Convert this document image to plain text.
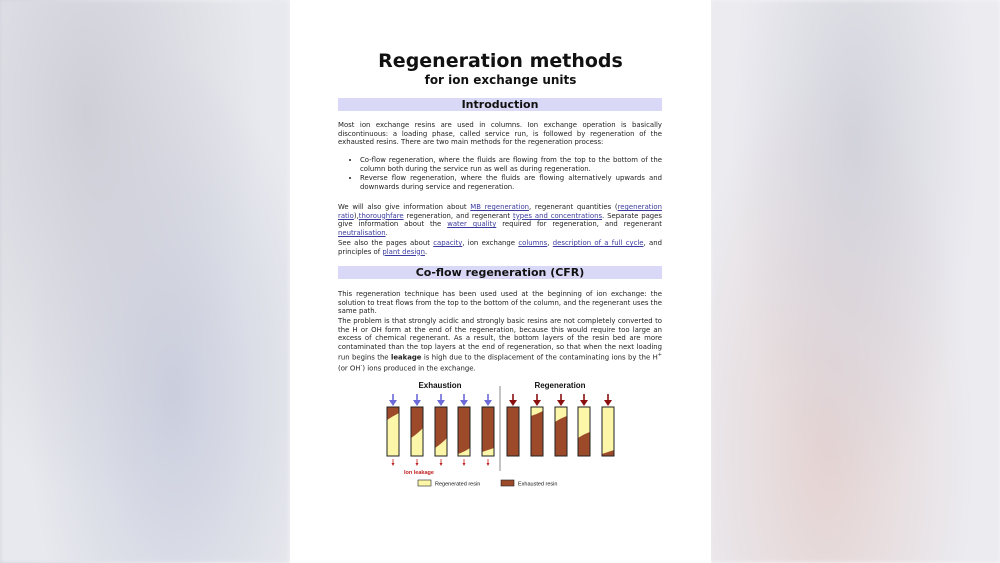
Regeneration methods
for ion exchange units
Introduction
Most ion exchange resins are used in columns. Ion exchange operation is basically discontinuous: a loading phase, called service run, is followed by regeneration of the exhausted resins. There are two main methods for the regeneration process:
• Co-flow regeneration, where the fluids are flowing from the top to the bottom of the column both during the service run as well as during regeneration.
• Reverse flow regeneration, where the fluids are flowing alternatively upwards and downwards during service and regeneration.
We will also give information about MB regeneration, regenerant quantities (regeneration ratio),thoroughfare regeneration, and regenerant types and concentrations. Separate pages give information about the water quality required for regeneration, and regenerant neutralisation.
See also the pages about capacity, ion exchange columns, description of a full cycle, and principles of plant design.
Co-flow regeneration (CFR)
This regeneration technique has been used used at the beginning of ion exchange: the solution to treat flows from the top to the bottom of the column, and the regenerant uses the same path.
The problem is that strongly acidic and strongly basic resins are not completely converted to the H or OH form at the end of the regeneration, because this would require too large an excess of chemical regenerant. As a result, the bottom layers of the resin bed are more contaminated than the top layers at the end of regeneration, so that when the next loading run begins the leakage is high due to the displacement of the contaminating ions by the H+ (or OH-) ions produced in the exchange.
Exhaustion	Regeneration
Ion leakage
Regenerated resin	Exhausted resin
